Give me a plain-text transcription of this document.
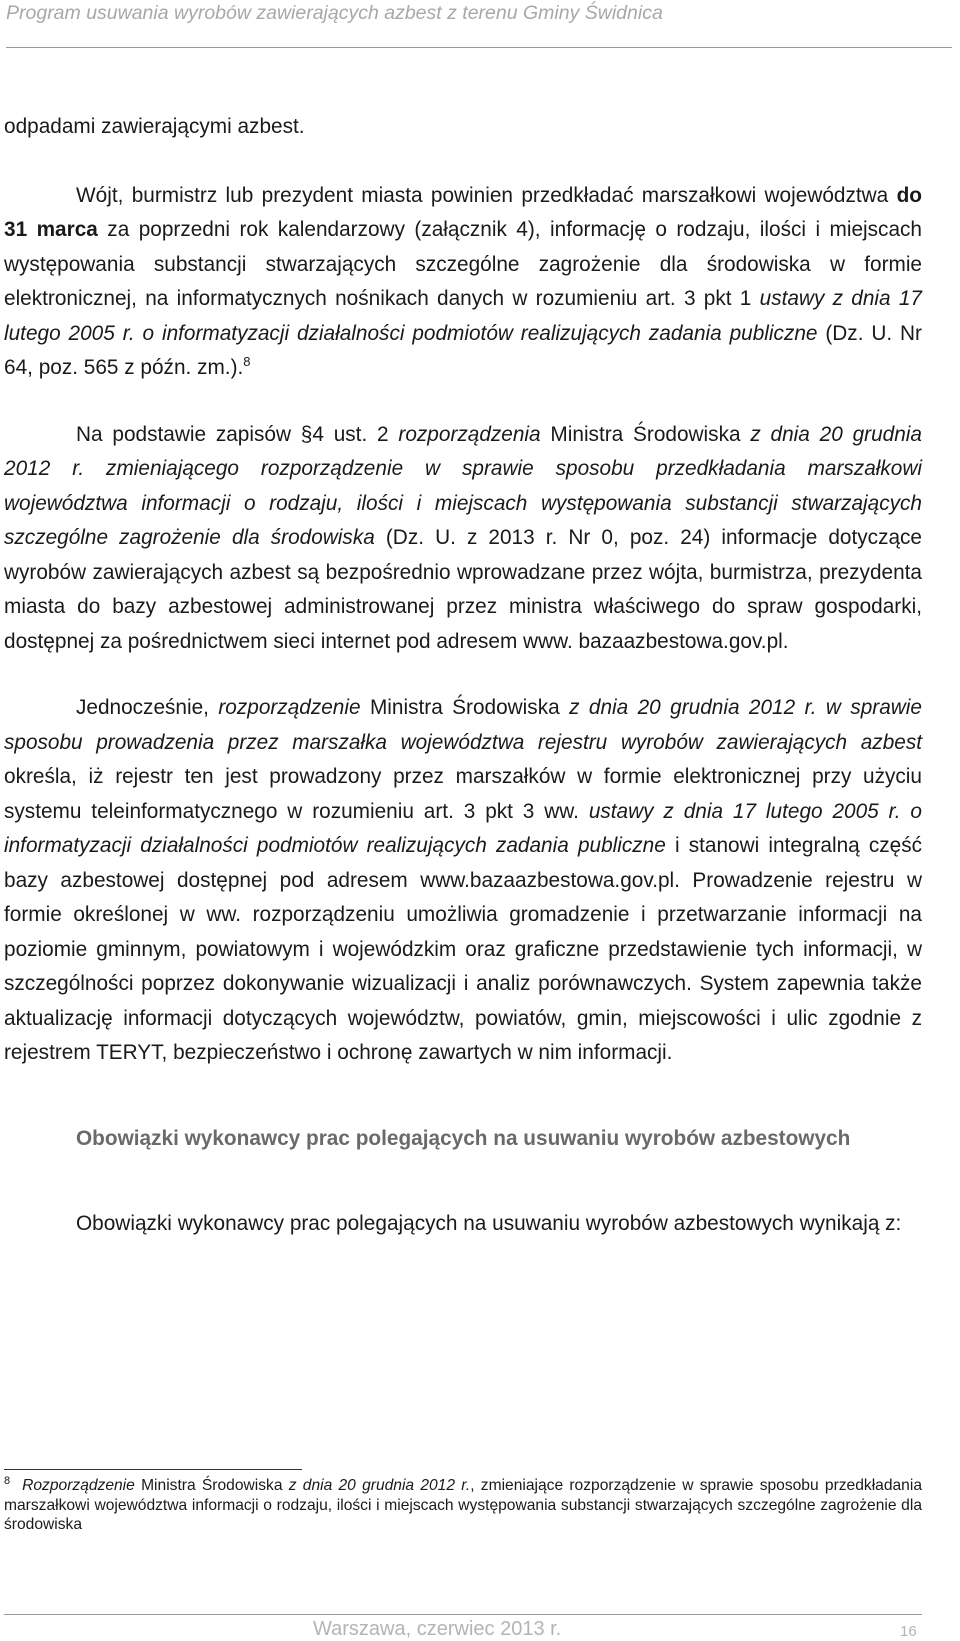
Program usuwania wyrobów zawierających azbest z terenu Gminy Świdnica

odpadami zawierającymi azbest.

Wójt, burmistrz lub prezydent miasta powinien przedkładać marszałkowi województwa do 31 marca za poprzedni rok kalendarzowy (załącznik 4), informację o rodzaju, ilości i miejscach występowania substancji stwarzających szczególne zagrożenie dla środowiska w formie elektronicznej, na informatycznych nośnikach danych w rozumieniu art. 3 pkt 1 ustawy z dnia 17 lutego 2005 r. o informatyzacji działalności podmiotów realizujących zadania publiczne (Dz. U. Nr 64, poz. 565 z późn. zm.).$^8$

Na podstawie zapisów §4 ust. 2 rozporządzenia Ministra Środowiska z dnia 20 grudnia 2012 r. zmieniającego rozporządzenie w sprawie sposobu przedkładania marszałkowi województwa informacji o rodzaju, ilości i miejscach występowania substancji stwarzających szczególne zagrożenie dla środowiska (Dz. U. z 2013 r. Nr 0, poz. 24) informacje dotyczące wyrobów zawierających azbest są bezpośrednio wprowadzane przez wójta, burmistrza, prezydenta miasta do bazy azbestowej administrowanej przez ministra właściwego do spraw gospodarki, dostępnej za pośrednictwem sieci internet pod adresem www. bazaazbestowa.gov.pl.

Jednocześnie, rozporządzenie Ministra Środowiska z dnia 20 grudnia 2012 r. w sprawie sposobu prowadzenia przez marszałka województwa rejestru wyrobów zawierających azbest określa, iż rejestr ten jest prowadzony przez marszałków w formie elektronicznej przy użyciu systemu teleinformatycznego w rozumieniu art. 3 pkt 3 ww. ustawy z dnia 17 lutego 2005 r. o informatyzacji działalności podmiotów realizujących zadania publiczne i stanowi integralną część bazy azbestowej dostępnej pod adresem www.bazaazbestowa.gov.pl. Prowadzenie rejestru w formie określonej w ww. rozporządzeniu umożliwia gromadzenie i przetwarzanie informacji na poziomie gminnym, powiatowym i wojewódzkim oraz graficzne przedstawienie tych informacji, w szczególności poprzez dokonywanie wizualizacji i analiz porównawczych. System zapewnia także aktualizację informacji dotyczących województw, powiatów, gmin, miejscowości i ulic zgodnie z rejestrem TERYT, bezpieczeństwo i ochronę zawartych w nim informacji.

Obowiązki wykonawcy prac polegających na usuwaniu wyrobów azbestowych

Obowiązki wykonawcy prac polegających na usuwaniu wyrobów azbestowych wynikają z:

$^8$ Rozporządzenie Ministra Środowiska z dnia 20 grudnia 2012 r., zmieniające rozporządzenie w sprawie sposobu przedkładania marszałkowi województwa informacji o rodzaju, ilości i miejscach występowania substancji stwarzających szczególne zagrożenie dla środowiska
Warszawa, czerwiec 2013 r.	16
